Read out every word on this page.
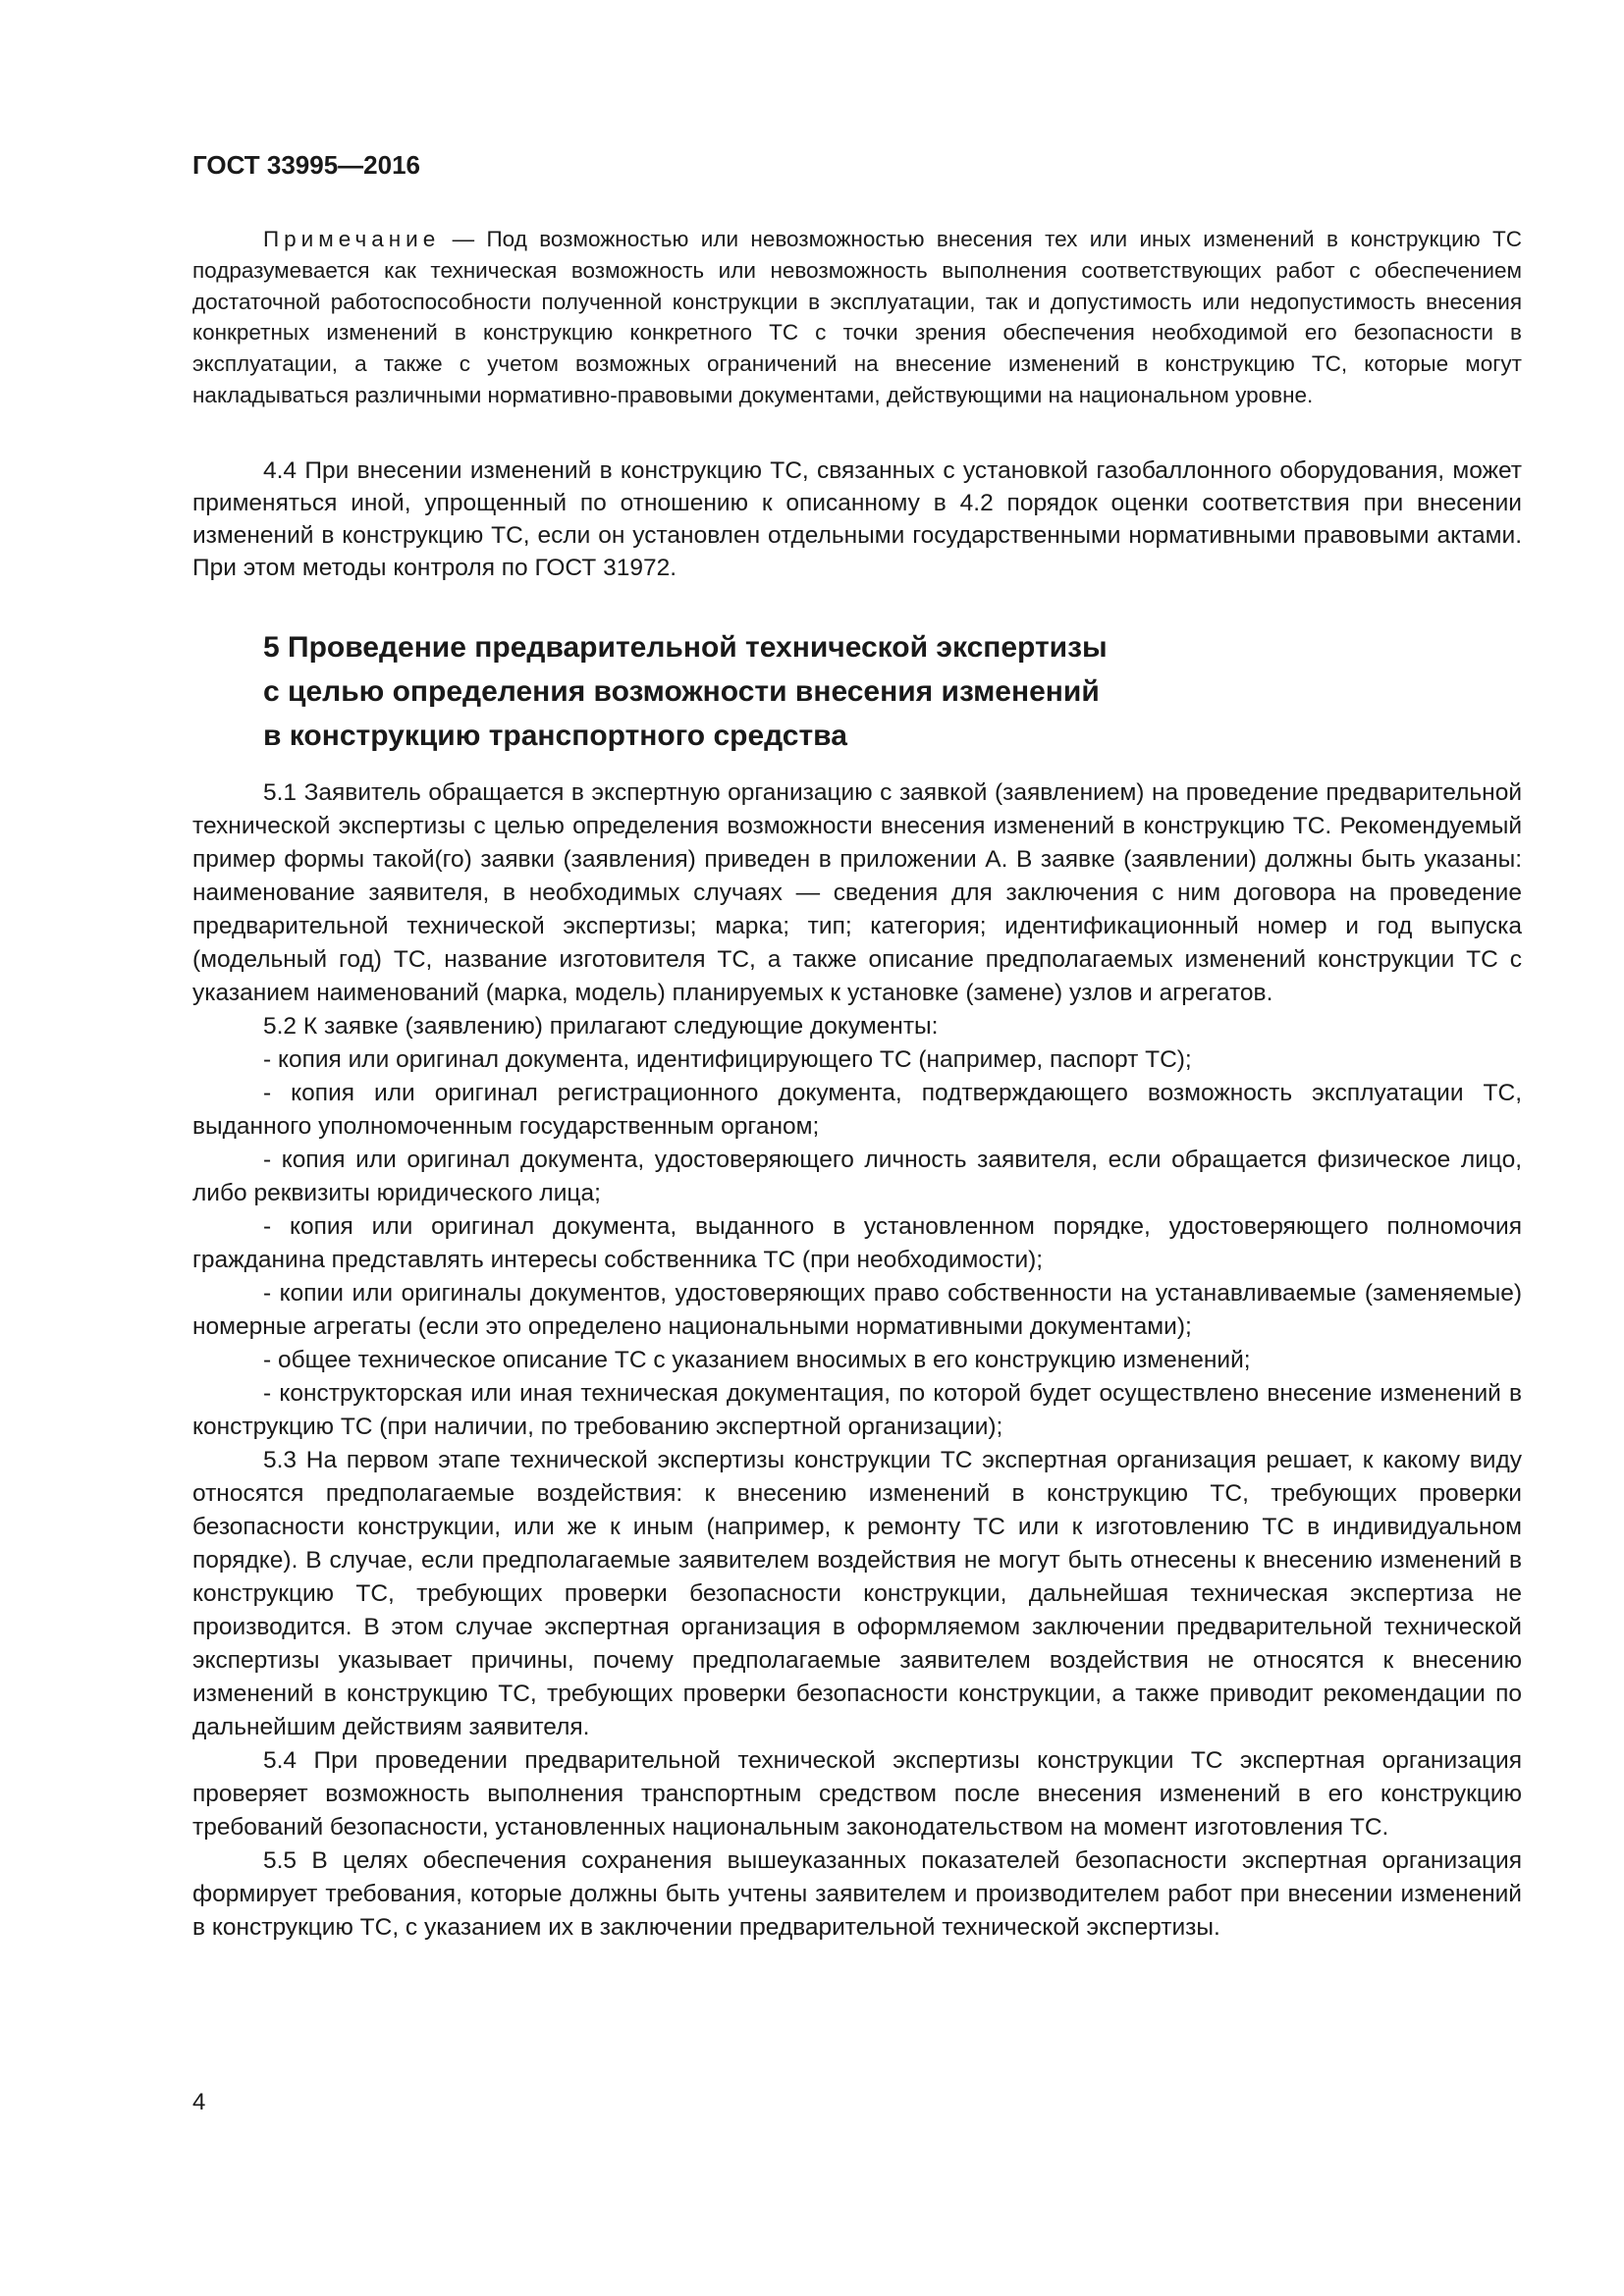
ГОСТ 33995—2016

Примечание — Под возможностью или невозможностью внесения тех или иных изменений в конструкцию ТС подразумевается как техническая возможность или невозможность выполнения соответствующих работ с обеспечением достаточной работоспособности полученной конструкции в эксплуатации, так и допустимость или недопустимость внесения конкретных изменений в конструкцию конкретного ТС с точки зрения обеспечения необходимой его безопасности в эксплуатации, а также с учетом возможных ограничений на внесение изменений в конструкцию ТС, которые могут накладываться различными нормативно-правовыми документами, действующими на национальном уровне.

4.4 При внесении изменений в конструкцию ТС, связанных с установкой газобаллонного оборудования, может применяться иной, упрощенный по отношению к описанному в 4.2 порядок оценки соответствия при внесении изменений в конструкцию ТС, если он установлен отдельными государственными нормативными правовыми актами. При этом методы контроля по ГОСТ 31972.

5 Проведение предварительной технической экспертизы
с целью определения возможности внесения изменений
в конструкцию транспортного средства

5.1 Заявитель обращается в экспертную организацию с заявкой (заявлением) на проведение предварительной технической экспертизы с целью определения возможности внесения изменений в конструкцию ТС. Рекомендуемый пример формы такой(го) заявки (заявления) приведен в приложении А. В заявке (заявлении) должны быть указаны: наименование заявителя, в необходимых случаях — сведения для заключения с ним договора на проведение предварительной технической экспертизы; марка; тип; категория; идентификационный номер и год выпуска (модельный год) ТС, название изготовителя ТС, а также описание предполагаемых изменений конструкции ТС с указанием наименований (марка, модель) планируемых к установке (замене) узлов и агрегатов.

5.2 К заявке (заявлению) прилагают следующие документы:

- копия или оригинал документа, идентифицирующего ТС (например, паспорт ТС);

- копия или оригинал регистрационного документа, подтверждающего возможность эксплуатации ТС, выданного уполномоченным государственным органом;

- копия или оригинал документа, удостоверяющего личность заявителя, если обращается физическое лицо, либо реквизиты юридического лица;

- копия или оригинал документа, выданного в установленном порядке, удостоверяющего полномочия гражданина представлять интересы собственника ТС (при необходимости);

- копии или оригиналы документов, удостоверяющих право собственности на устанавливаемые (заменяемые) номерные агрегаты (если это определено национальными нормативными документами);

- общее техническое описание ТС с указанием вносимых в его конструкцию изменений;

- конструкторская или иная техническая документация, по которой будет осуществлено внесение изменений в конструкцию ТС (при наличии, по требованию экспертной организации);

5.3 На первом этапе технической экспертизы конструкции ТС экспертная организация решает, к какому виду относятся предполагаемые воздействия: к внесению изменений в конструкцию ТС, требующих проверки безопасности конструкции, или же к иным (например, к ремонту ТС или к изготовлению ТС в индивидуальном порядке). В случае, если предполагаемые заявителем воздействия не могут быть отнесены к внесению изменений в конструкцию ТС, требующих проверки безопасности конструкции, дальнейшая техническая экспертиза не производится. В этом случае экспертная организация в оформляемом заключении предварительной технической экспертизы указывает причины, почему предполагаемые заявителем воздействия не относятся к внесению изменений в конструкцию ТС, требующих проверки безопасности конструкции, а также приводит рекомендации по дальнейшим действиям заявителя.

5.4 При проведении предварительной технической экспертизы конструкции ТС экспертная организация проверяет возможность выполнения транспортным средством после внесения изменений в его конструкцию требований безопасности, установленных национальным законодательством на момент изготовления ТС.

5.5 В целях обеспечения сохранения вышеуказанных показателей безопасности экспертная организация формирует требования, которые должны быть учтены заявителем и производителем работ при внесении изменений в конструкцию ТС, с указанием их в заключении предварительной технической экспертизы.

4
